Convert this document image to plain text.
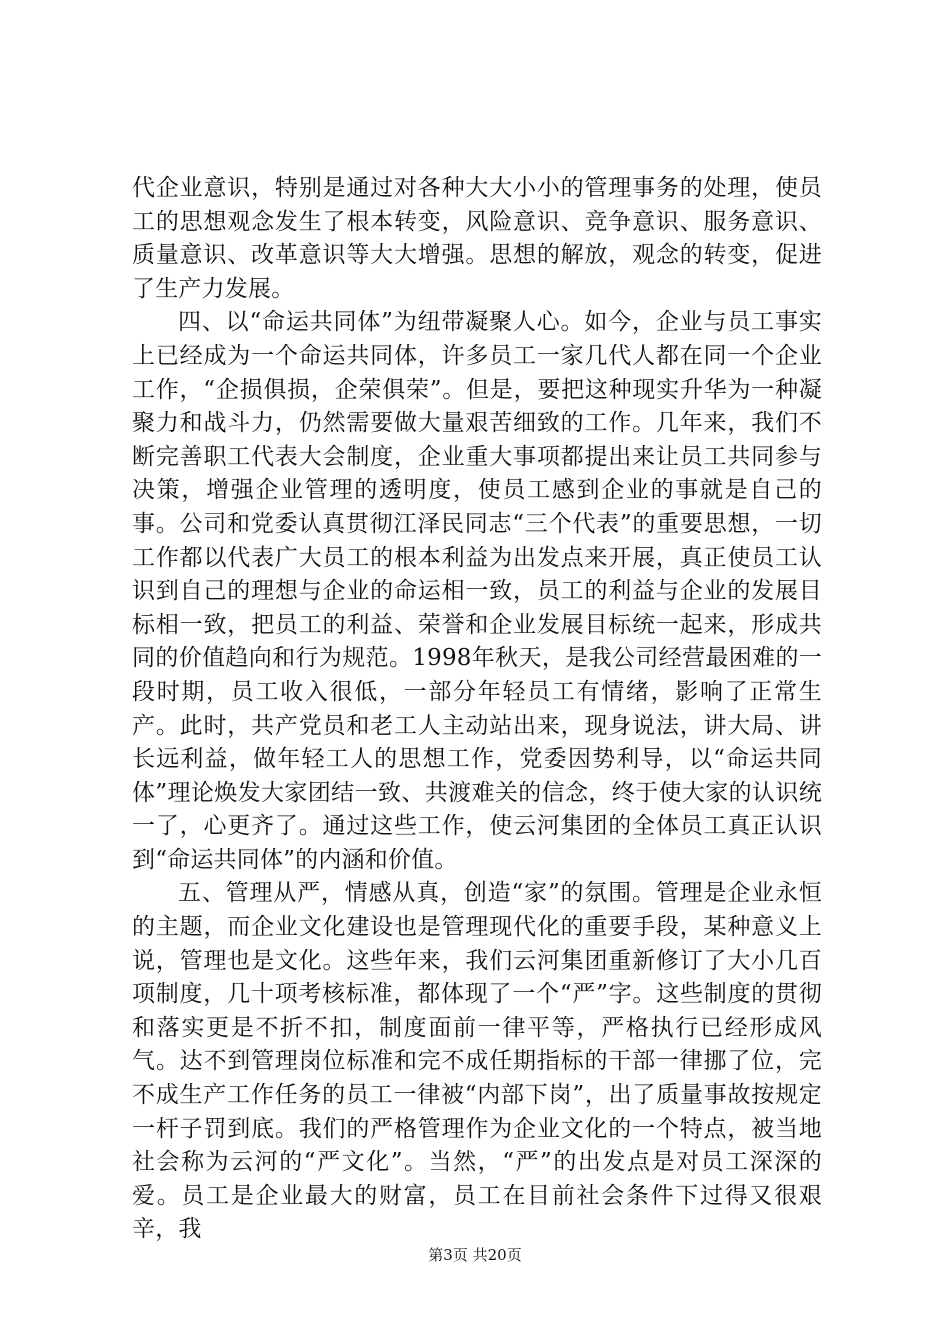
代企业意识，特别是通过对各种大大小小的管理事务的处理，使员工的思想观念发生了根本转变，风险意识、竞争意识、服务意识、质量意识、改革意识等大大增强。思想的解放，观念的转变，促进了生产力发展。

四、以“命运共同体”为纽带凝聚人心。如今，企业与员工事实上已经成为一个命运共同体，许多员工一家几代人都在同一个企业工作，“企损俱损，企荣俱荣”。但是，要把这种现实升华为一种凝聚力和战斗力，仍然需要做大量艰苦细致的工作。几年来，我们不断完善职工代表大会制度，企业重大事项都提出来让员工共同参与决策，增强企业管理的透明度，使员工感到企业的事就是自己的事。公司和党委认真贯彻江泽民同志“三个代表”的重要思想，一切工作都以代表广大员工的根本利益为出发点来开展，真正使员工认识到自己的理想与企业的命运相一致，员工的利益与企业的发展目标相一致，把员工的利益、荣誉和企业发展目标统一起来，形成共同的价值趋向和行为规范。1998年秋天，是我公司经营最困难的一段时期，员工收入很低，一部分年轻员工有情绪，影响了正常生产。此时，共产党员和老工人主动站出来，现身说法，讲大局、讲长远利益，做年轻工人的思想工作，党委因势利导，以“命运共同体”理论焕发大家团结一致、共渡难关的信念，终于使大家的认识统一了，心更齐了。通过这些工作，使云河集团的全体员工真正认识到“命运共同体”的内涵和价值。

五、管理从严，情感从真，创造“家”的氛围。管理是企业永恒的主题，而企业文化建设也是管理现代化的重要手段，某种意义上说，管理也是文化。这些年来，我们云河集团重新修订了大小几百项制度，几十项考核标准，都体现了一个“严”字。这些制度的贯彻和落实更是不折不扣，制度面前一律平等，严格执行已经形成风气。达不到管理岗位标准和完不成任期指标的干部一律挪了位，完不成生产工作任务的员工一律被“内部下岗”，出了质量事故按规定一杆子罚到底。我们的严格管理作为企业文化的一个特点，被当地社会称为云河的“严文化”。当然，“严”的出发点是对员工深深的爱。员工是企业最大的财富，员工在目前社会条件下过得又很艰辛，我

第3页 共20页
